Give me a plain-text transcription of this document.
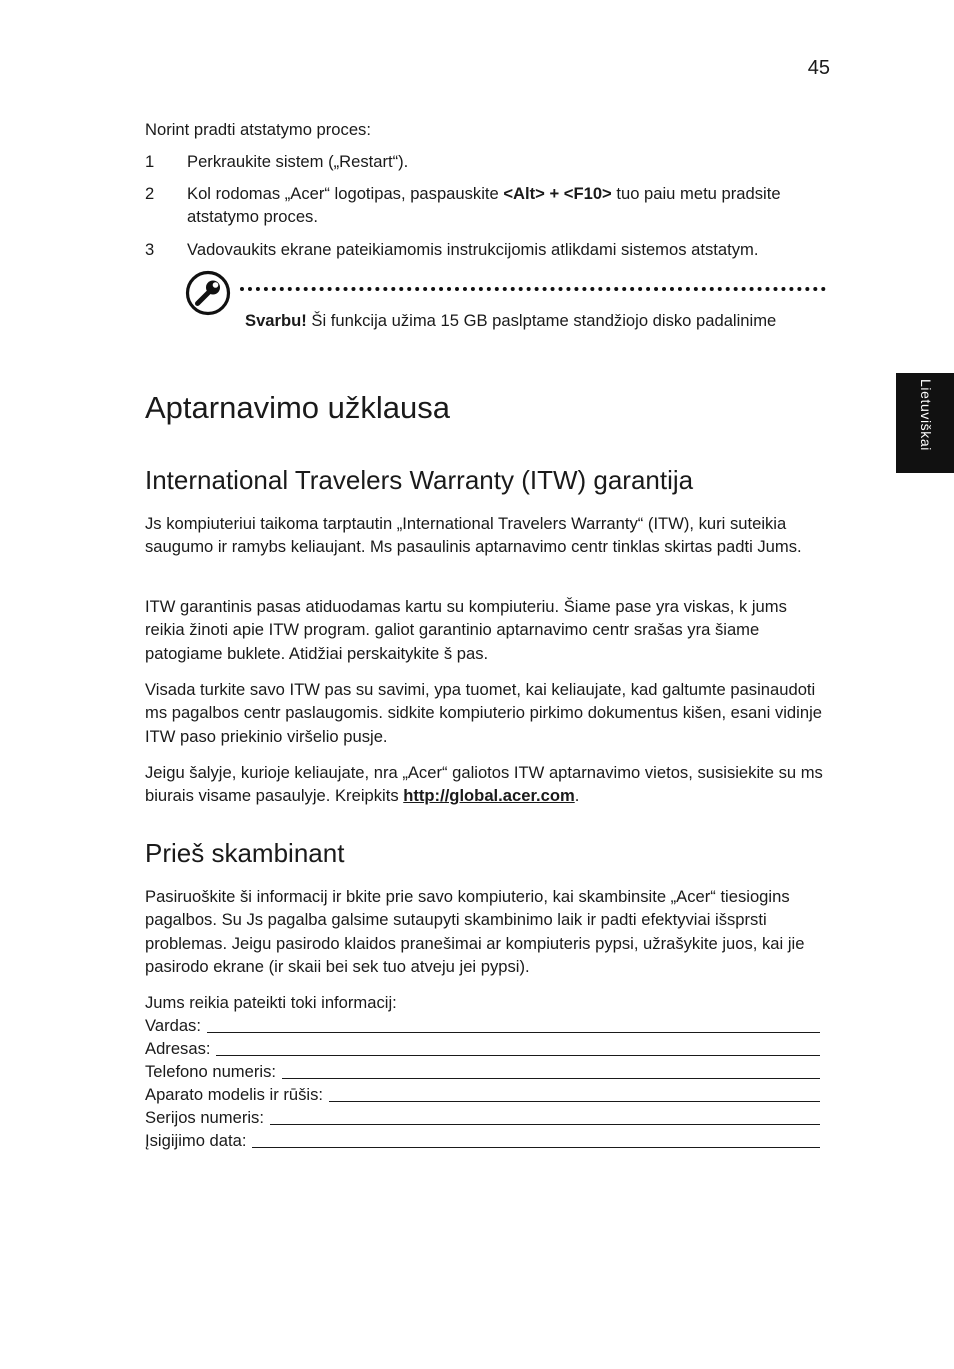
45
Lietuviškai
Norint pradti atstatymo proces:
1 Perkraukite sistem („Restart“).
2 Kol rodomas „Acer“ logotipas, paspauskite <Alt> + <F10> tuo paiu metu pradsite atstatymo proces.
3 Vadovaukits ekrane pateikiamomis instrukcijomis atlikdami sistemos atstatym.
Svarbu! Ši funkcija užima 15 GB paslptame standžiojo disko padalinime
Aptarnavimo užklausa
International Travelers Warranty (ITW) garantija
Js kompiuteriui taikoma tarptautin „International Travelers Warranty“ (ITW), kuri suteikia saugumo ir ramybs keliaujant. Ms pasaulinis aptarnavimo centr tinklas skirtas padti Jums.
ITW garantinis pasas atiduodamas kartu su kompiuteriu. Šiame pase yra viskas, k jums reikia žinoti apie ITW program. galiot garantinio aptarnavimo centr srašas yra šiame patogiame buklete. Atidžiai perskaitykite š pas.
Visada turkite savo ITW pas su savimi, ypa tuomet, kai keliaujate, kad galtumte pasinaudoti ms pagalbos centr paslaugomis. sidkite kompiuterio pirkimo dokumentus kišen, esani vidinje ITW paso priekinio viršelio pusje.
Jeigu šalyje, kurioje keliaujate, nra „Acer“ galiotos ITW aptarnavimo vietos, susisiekite su ms biurais visame pasaulyje. Kreipkits http://global.acer.com.
Prieš skambinant
Pasiruoškite ši informacij ir bkite prie savo kompiuterio, kai skambinsite „Acer“ tiesiogins pagalbos. Su Js pagalba galsime sutaupyti skambinimo laik ir padti efektyviai išsprsti problemas. Jeigu pasirodo klaidos pranešimai ar kompiuteris pypsi, užrašykite juos, kai jie pasirodo ekrane (ir skaii bei sek tuo atveju jei pypsi).
Jums reikia pateikti toki informacij:
Vardas:
Adresas:
Telefono numeris:
Aparato modelis ir rūšis:
Serijos numeris:
Įsigijimo data:
